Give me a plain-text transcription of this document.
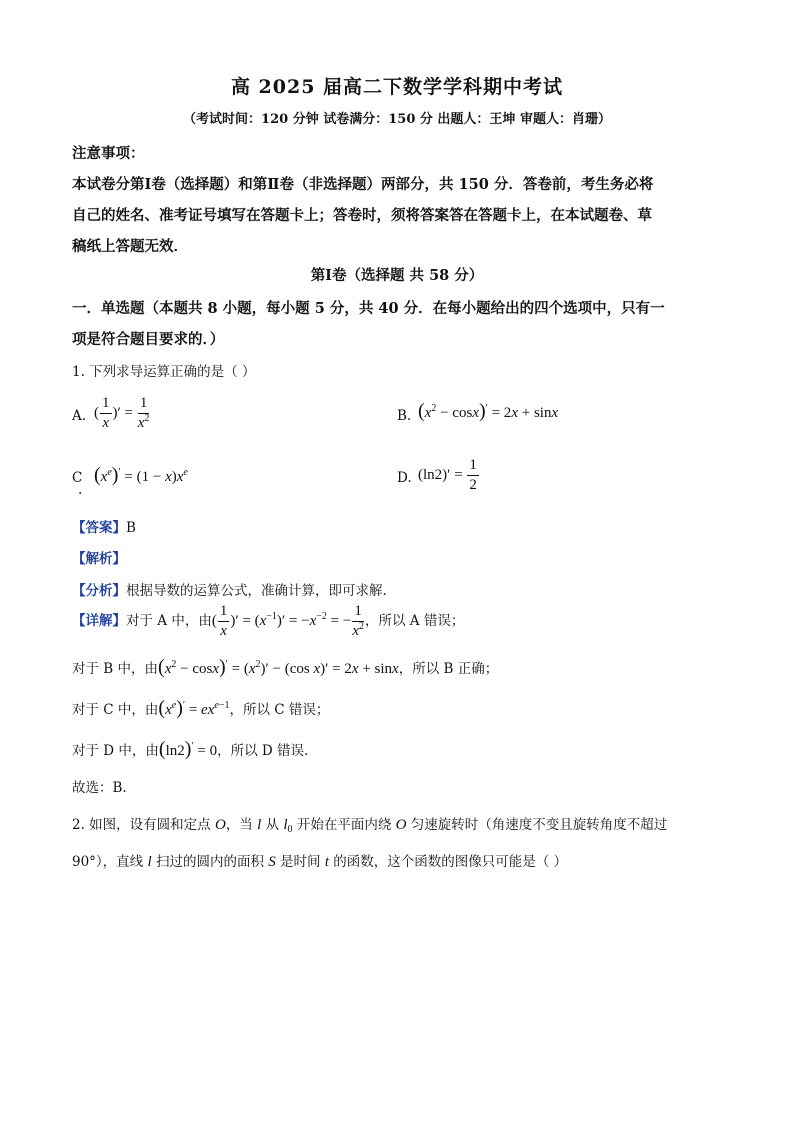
高 2025 届高二下数学学科期中考试
（考试时间：120 分钟 试卷满分：150 分 出题人：王坤 审题人：肖珊）
注意事项：
本试卷分第Ⅰ卷（选择题）和第Ⅱ卷（非选择题）两部分，共 150 分．答卷前，考生务必将
自己的姓名、准考证号填写在答题卡上；答卷时，须将答案答在答题卡上，在本试题卷、草
稿纸上答题无效．
第Ⅰ卷（选择题 共 58 分）
一．单选题（本题共 8 小题，每小题 5 分，共 40 分．在每小题给出的四个选项中，只有一
项是符合题目要求的．）
1. 下列求导运算正确的是（ ）
A. ( $\frac{1}{x}$ )′ = $\frac{1}{x^2}$	B. $(x^2 - \cos x)' = 2x + \sin x$
C
.
$(x^e)' = (1 - x)x^e$	D. $(\ln 2)' = \frac{1}{2}$
【答案】B
【解析】
【分析】根据导数的运算公式，准确计算，即可求解.
【详解】对于 A 中，由( $\frac{1}{x}$ )′ = $(x^{-1})' = -x^{-2}$ = − $\frac{1}{x^2}$ ，所以 A 错误；
对于 B 中，由$(x^2 - \cos x)' = (x^2)' - (\cos$ x)′ = 2x + sinx，所以 B 正确；
对于 C 中，由$(x^e)' = ex^{e-1}$，所以 C 错误；
对于 D 中，由(ln2)′ = 0，所以 D 错误.
故选：B.
2. 如图，设有圆和定点 O，当 l 从 $l_0$ 开始在平面内绕 O 匀速旋转时（角速度不变且旋转角度不超过
90°），直线 l 扫过的圆内的面积 S 是时间 t 的函数，这个函数的图像只可能是（ ）
